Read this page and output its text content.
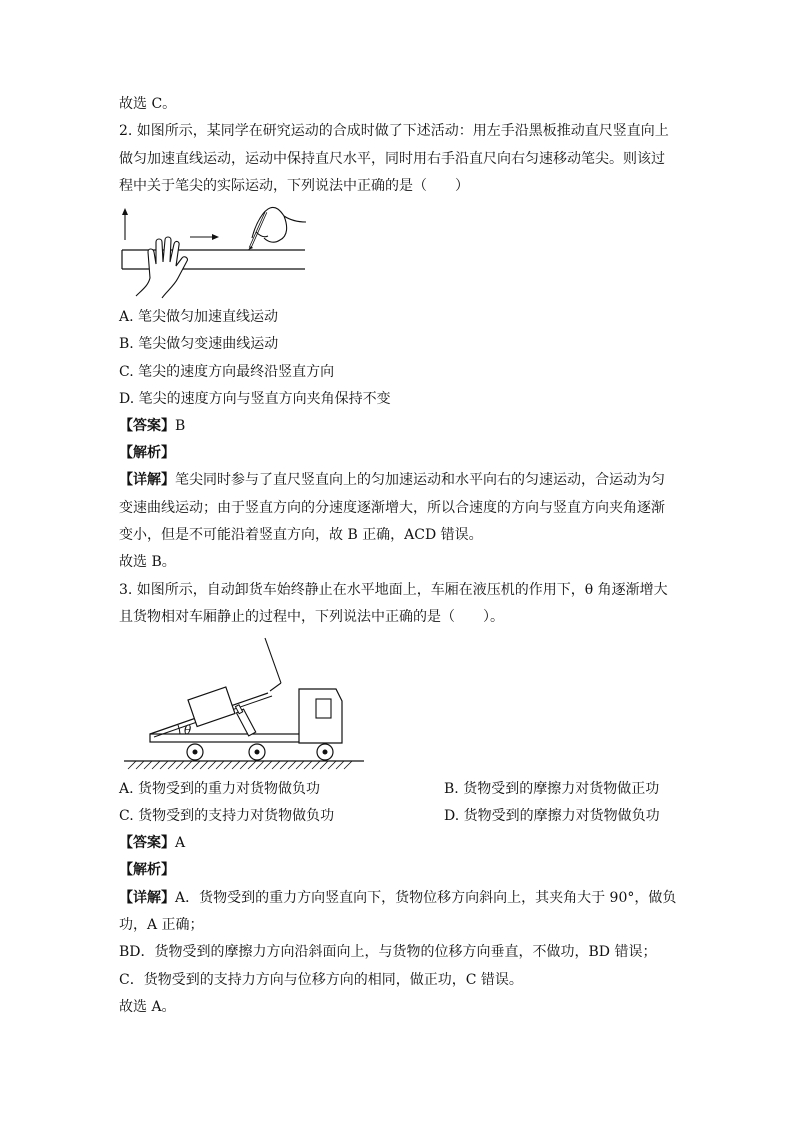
故选 C。
2. 如图所示，某同学在研究运动的合成时做了下述活动：用左手沿黑板推动直尺竖直向上
做匀加速直线运动，运动中保持直尺水平，同时用右手沿直尺向右匀速移动笔尖。则该过
程中关于笔尖的实际运动，下列说法中正确的是（　　）
A. 笔尖做匀加速直线运动
B. 笔尖做匀变速曲线运动
C. 笔尖的速度方向最终沿竖直方向
D. 笔尖的速度方向与竖直方向夹角保持不变
【答案】B
【解析】
【详解】笔尖同时参与了直尺竖直向上的匀加速运动和水平向右的匀速运动，合运动为匀
变速曲线运动；由于竖直方向的分速度逐渐增大，所以合速度的方向与竖直方向夹角逐渐
变小，但是不可能沿着竖直方向，故 B 正确，ACD 错误。
故选 B。
3. 如图所示，自动卸货车始终静止在水平地面上，车厢在液压机的作用下，θ 角逐渐增大
且货物相对车厢静止的过程中，下列说法中正确的是（　　）。
θ
A. 货物受到的重力对货物做负功	B. 货物受到的摩擦力对货物做正功
C. 货物受到的支持力对货物做负功	D. 货物受到的摩擦力对货物做负功
【答案】A
【解析】
【详解】A．货物受到的重力方向竖直向下，货物位移方向斜向上，其夹角大于 90°，做负
功，A 正确；
BD．货物受到的摩擦力方向沿斜面向上，与货物的位移方向垂直，不做功，BD 错误；
C．货物受到的支持力方向与位移方向的相同，做正功，C 错误。
故选 A。
